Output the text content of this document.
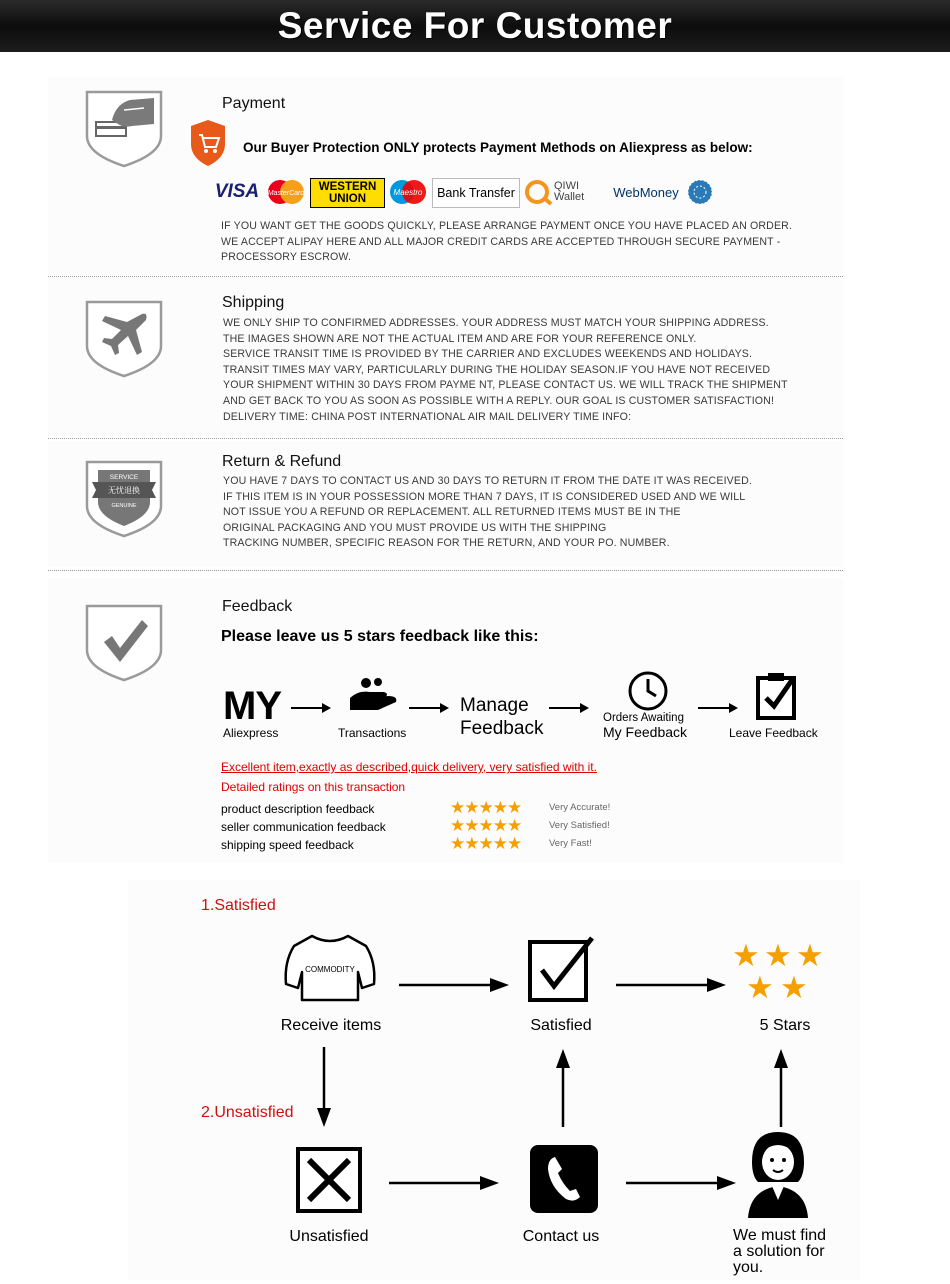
Service For Customer
Payment
Our Buyer Protection ONLY protects Payment Methods on Aliexpress as below:
VISA MasterCard
WESTERN UNION
Maestro	Bank Transfer	QIWI Wallet	WebMoney
IF YOU WANT GET THE GOODS QUICKLY, PLEASE ARRANGE PAYMENT ONCE YOU HAVE PLACED AN ORDER.
WE ACCEPT ALIPAY HERE AND ALL MAJOR CREDIT CARDS ARE ACCEPTED THROUGH SECURE PAYMENT -
PROCESSORY ESCROW.
Shipping
WE ONLY SHIP TO CONFIRMED ADDRESSES. YOUR ADDRESS MUST MATCH YOUR SHIPPING ADDRESS.
THE IMAGES SHOWN ARE NOT THE ACTUAL ITEM AND ARE FOR YOUR REFERENCE ONLY.
SERVICE TRANSIT TIME IS PROVIDED BY THE CARRIER AND EXCLUDES WEEKENDS AND HOLIDAYS.
TRANSIT TIMES MAY VARY, PARTICULARLY DURING THE HOLIDAY SEASON.IF YOU HAVE NOT RECEIVED
YOUR SHIPMENT WITHIN 30 DAYS FROM PAYME NT, PLEASE CONTACT US. WE WILL TRACK THE SHIPMENT
AND GET BACK TO YOU AS SOON AS POSSIBLE WITH A REPLY. OUR GOAL IS CUSTOMER SATISFACTION!
DELIVERY TIME: CHINA POST INTERNATIONAL AIR MAIL DELIVERY TIME INFO:
SERVICE
无忧退换
GENUINE
Return & Refund
YOU HAVE 7 DAYS TO CONTACT US AND 30 DAYS TO RETURN IT FROM THE DATE IT WAS RECEIVED.
IF THIS ITEM IS IN YOUR POSSESSION MORE THAN 7 DAYS, IT IS CONSIDERED USED AND WE WILL
NOT ISSUE YOU A REFUND OR REPLACEMENT. ALL RETURNED ITEMS MUST BE IN THE
ORIGINAL PACKAGING AND YOU MUST PROVIDE US WITH THE SHIPPING
TRACKING NUMBER, SPECIFIC REASON FOR THE RETURN, AND YOUR PO. NUMBER.
Feedback
Please leave us 5 stars feedback like this:
MY
Aliexpress	Transactions
Manage
Feedback	Orders Awaiting
My Feedback	Leave Feedback
Excellent item,exactly as described,quick delivery, very satisfied with it.
Detailed ratings on this transaction
product description feedback	★★★★★	Very Accurate!
seller communication feedback	★★★★★	Very Satisfied!
shipping speed feedback	★★★★★	Very Fast!
1.Satisfied
2.Unsatisfied
COMMODITY
Receive items	Satisfied
★ ★ ★
★ ★
5 Stars
Unsatisfied	Contact us	We must find
a solution for
you.
